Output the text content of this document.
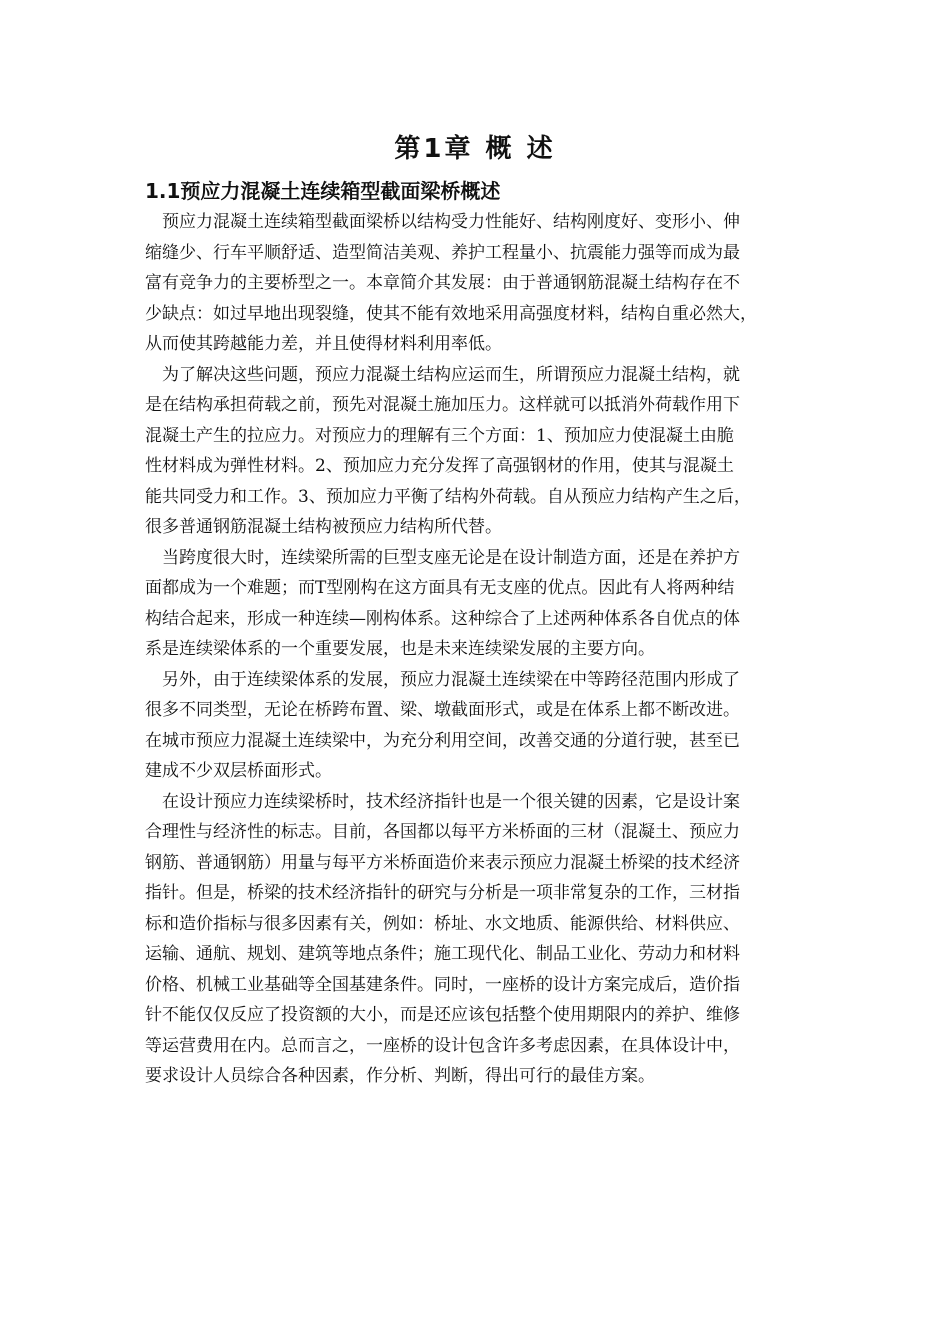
第1章 概 述
1.1预应力混凝土连续箱型截面梁桥概述

预应力混凝土连续箱型截面梁桥以结构受力性能好、结构刚度好、变形小、伸
缩缝少、行车平顺舒适、造型简洁美观、养护工程量小、抗震能力强等而成为最
富有竞争力的主要桥型之一。本章简介其发展：由于普通钢筋混凝土结构存在不
少缺点：如过早地出现裂缝，使其不能有效地采用高强度材料，结构自重必然大，
从而使其跨越能力差，并且使得材料利用率低。

为了解决这些问题，预应力混凝土结构应运而生，所谓预应力混凝土结构，就
是在结构承担荷载之前，预先对混凝土施加压力。这样就可以抵消外荷载作用下
混凝土产生的拉应力。对预应力的理解有三个方面：1、预加应力使混凝土由脆
性材料成为弹性材料。2、预加应力充分发挥了高强钢材的作用，使其与混凝土
能共同受力和工作。3、预加应力平衡了结构外荷载。自从预应力结构产生之后，
很多普通钢筋混凝土结构被预应力结构所代替。

当跨度很大时，连续梁所需的巨型支座无论是在设计制造方面，还是在养护方
面都成为一个难题；而T型刚构在这方面具有无支座的优点。因此有人将两种结
构结合起来，形成一种连续—刚构体系。这种综合了上述两种体系各自优点的体
系是连续梁体系的一个重要发展，也是未来连续梁发展的主要方向。

另外，由于连续梁体系的发展，预应力混凝土连续梁在中等跨径范围内形成了
很多不同类型，无论在桥跨布置、梁、墩截面形式，或是在体系上都不断改进。
在城市预应力混凝土连续梁中，为充分利用空间，改善交通的分道行驶，甚至已
建成不少双层桥面形式。

在设计预应力连续梁桥时，技术经济指针也是一个很关键的因素，它是设计案
合理性与经济性的标志。目前，各国都以每平方米桥面的三材（混凝土、预应力
钢筋、普通钢筋）用量与每平方米桥面造价来表示预应力混凝土桥梁的技术经济
指针。但是，桥梁的技术经济指针的研究与分析是一项非常复杂的工作，三材指
标和造价指标与很多因素有关，例如：桥址、水文地质、能源供给、材料供应、
运输、通航、规划、建筑等地点条件；施工现代化、制品工业化、劳动力和材料
价格、机械工业基础等全国基建条件。同时，一座桥的设计方案完成后，造价指
针不能仅仅反应了投资额的大小，而是还应该包括整个使用期限内的养护、维修
等运营费用在内。总而言之，一座桥的设计包含许多考虑因素，在具体设计中，
要求设计人员综合各种因素，作分析、判断，得出可行的最佳方案。
